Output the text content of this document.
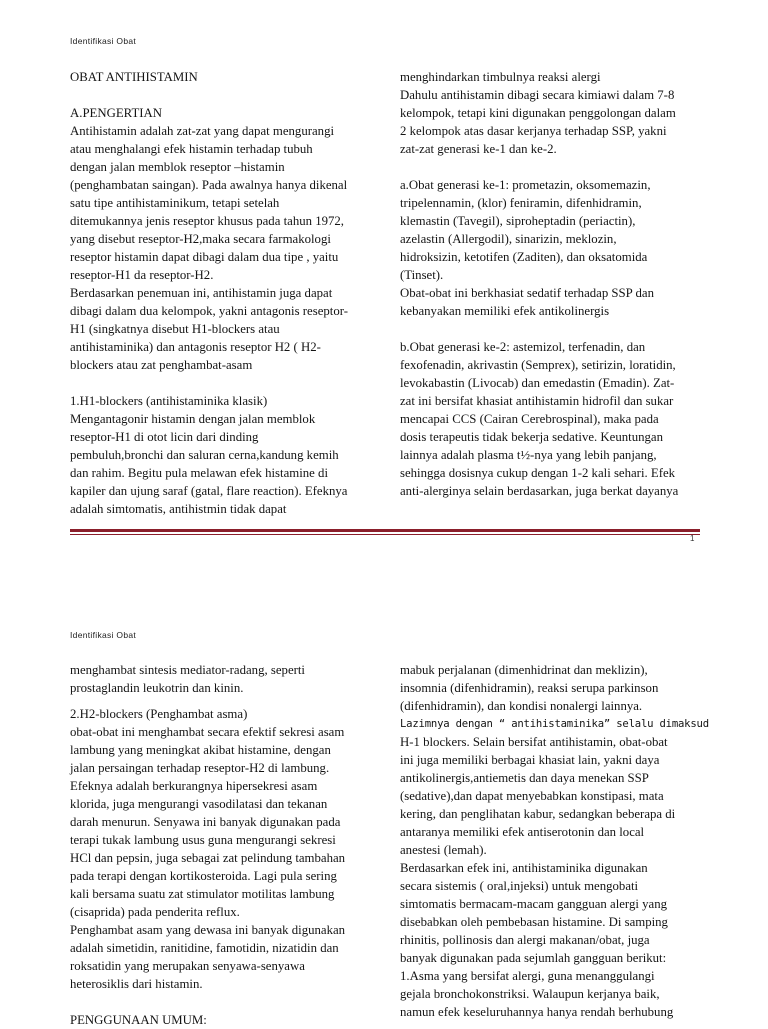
Identifikasi Obat

OBAT ANTIHISTAMIN

A.PENGERTIAN

Antihistamin adalah zat-zat yang dapat mengurangi

atau menghalangi efek histamin terhadap tubuh

dengan jalan memblok reseptor –histamin

(penghambatan saingan). Pada awalnya hanya dikenal

satu tipe antihistaminikum, tetapi setelah

ditemukannya jenis reseptor khusus pada tahun 1972,

yang disebut reseptor-H2,maka secara farmakologi

reseptor histamin dapat dibagi dalam dua tipe , yaitu

reseptor-H1 da reseptor-H2.

Berdasarkan penemuan ini, antihistamin juga dapat

dibagi dalam dua kelompok, yakni antagonis reseptor-

H1 (singkatnya disebut H1-blockers atau

antihistaminika) dan antagonis reseptor H2 ( H2-

blockers atau zat penghambat-asam

1.H1-blockers (antihistaminika klasik)

Mengantagonir histamin dengan jalan memblok

reseptor-H1 di otot licin dari dinding

pembuluh,bronchi dan saluran cerna,kandung kemih

dan rahim. Begitu pula melawan efek histamine di

kapiler dan ujung saraf (gatal, flare reaction). Efeknya

adalah simtomatis, antihistmin tidak dapat

menghindarkan timbulnya reaksi alergi

Dahulu antihistamin dibagi secara kimiawi dalam 7-8

kelompok, tetapi kini digunakan penggolongan dalam

2 kelompok atas dasar kerjanya terhadap SSP, yakni

zat-zat generasi ke-1 dan ke-2.

a.Obat generasi ke-1: prometazin, oksomemazin,

tripelennamin, (klor) feniramin, difenhidramin,

klemastin (Tavegil), siproheptadin (periactin),

azelastin (Allergodil), sinarizin, meklozin,

hidroksizin, ketotifen (Zaditen), dan oksatomida

(Tinset).

Obat-obat ini berkhasiat sedatif terhadap SSP dan

kebanyakan memiliki efek antikolinergis

b.Obat generasi ke-2: astemizol, terfenadin, dan

fexofenadin, akrivastin (Semprex), setirizin, loratidin,

levokabastin (Livocab) dan emedastin (Emadin). Zat-

zat ini bersifat khasiat antihistamin hidrofil dan sukar

mencapai CCS (Cairan Cerebrospinal), maka pada

dosis terapeutis tidak bekerja sedative. Keuntungan

lainnya adalah plasma t½-nya yang lebih panjang,

sehingga dosisnya cukup dengan 1-2 kali sehari. Efek

anti-alerginya selain berdasarkan, juga berkat dayanya

1
Identifikasi Obat

menghambat sintesis mediator-radang, seperti

prostaglandin leukotrin dan kinin.

2.H2-blockers (Penghambat asma)

obat-obat ini menghambat secara efektif sekresi asam

lambung yang meningkat akibat histamine, dengan

jalan persaingan terhadap reseptor-H2 di lambung.

Efeknya adalah berkurangnya hipersekresi asam

klorida, juga mengurangi vasodilatasi dan tekanan

darah menurun. Senyawa ini banyak digunakan pada

terapi tukak lambung usus guna mengurangi sekresi

HCl dan pepsin, juga sebagai zat pelindung tambahan

pada terapi dengan kortikosteroida. Lagi pula sering

kali bersama suatu zat stimulator motilitas lambung

(cisaprida) pada penderita reflux.

Penghambat asam yang dewasa ini banyak digunakan

adalah simetidin, ranitidine, famotidin, nizatidin dan

roksatidin yang merupakan senyawa-senyawa

heterosiklis dari histamin.

PENGGUNAAN UMUM:

mabuk perjalanan (dimenhidrinat dan meklizin),

insomnia (difenhidramin), reaksi serupa parkinson

(difenhidramin), dan kondisi nonalergi lainnya.

Lazimnya dengan “ antihistaminika” selalu dimaksud

H-1 blockers. Selain bersifat antihistamin, obat-obat

ini juga memiliki berbagai khasiat lain, yakni daya

antikolinergis,antiemetis dan daya menekan SSP

(sedative),dan dapat menyebabkan konstipasi, mata

kering, dan penglihatan kabur, sedangkan beberapa di

antaranya memiliki efek antiserotonin dan local

anestesi (lemah).

Berdasarkan efek ini, antihistaminika digunakan

secara sistemis ( oral,injeksi) untuk mengobati

simtomatis bermacam-macam gangguan alergi yang

disebabkan oleh pembebasan histamine. Di samping

rhinitis, pollinosis dan alergi makanan/obat, juga

banyak digunakan pada sejumlah gangguan berikut:

1.Asma yang bersifat alergi, guna menanggulangi

gejala bronchokonstriksi. Walaupun kerjanya baik,

namun efek keseluruhannya hanya rendah berhubung
